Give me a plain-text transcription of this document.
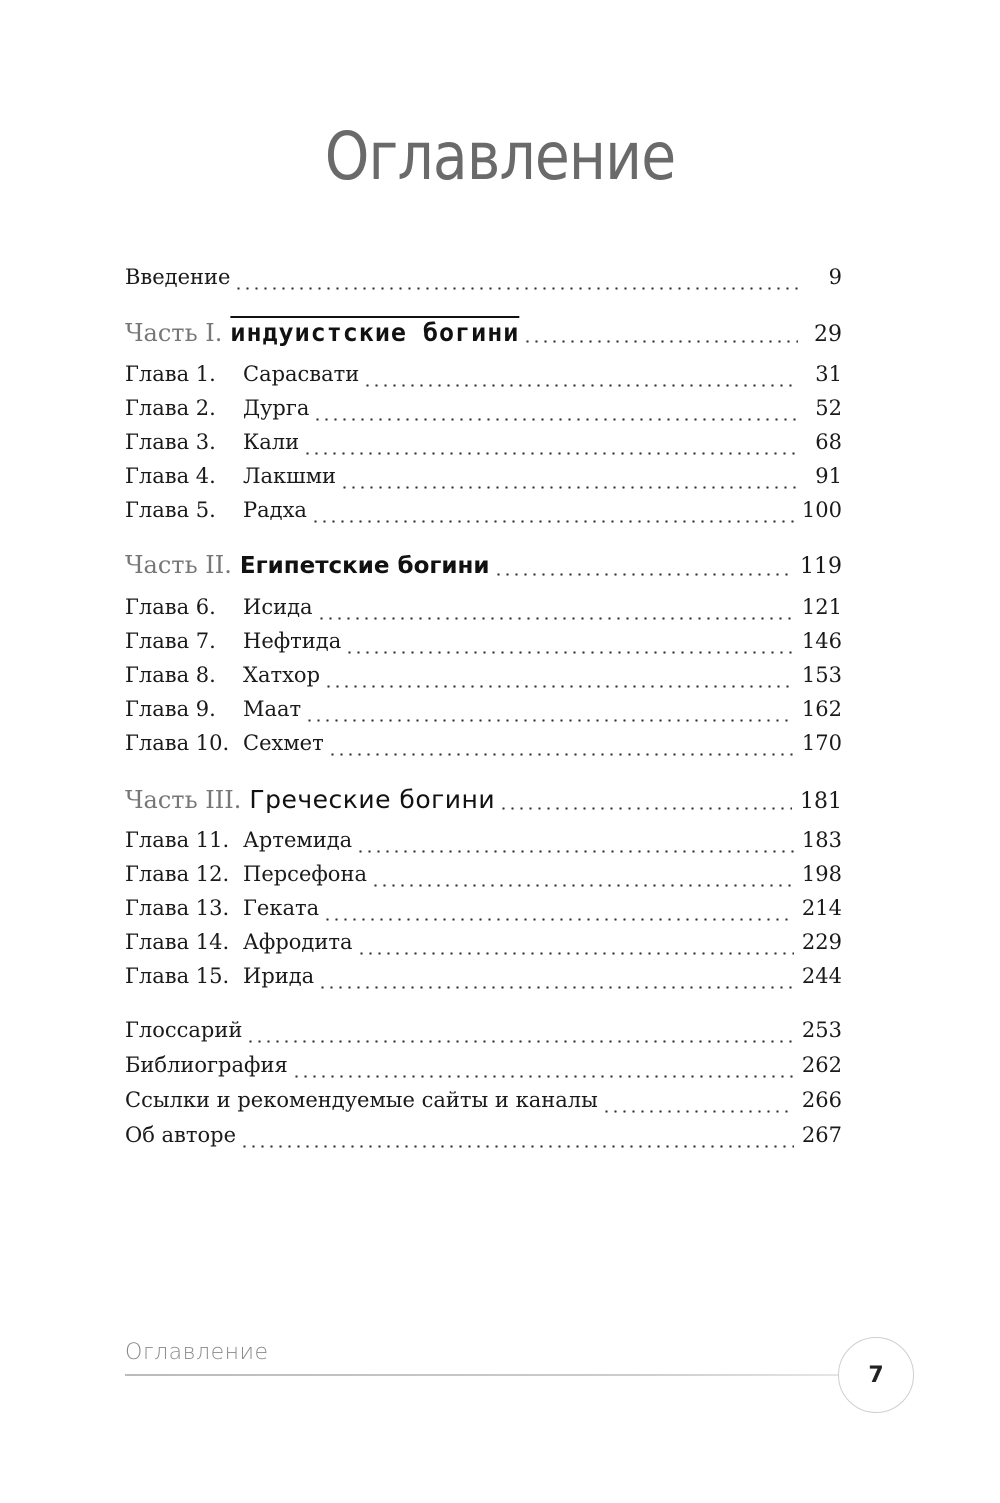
Оглавление
Введение	9
Часть I. индуистские богини	29
Глава 1.	Сарасвати	31
Глава 2.	Дурга	52
Глава 3.	Кали	68
Глава 4.	Лакшми	91
Глава 5.	Радха	100
Часть II. Египетские богини	119
Глава 6.	Исида	121
Глава 7.	Нефтида	146
Глава 8.	Хатхор	153
Глава 9.	Маат	162
Глава 10. Сехмет	170
Часть III. Греческие богини	181
Глава 11. Артемида	183
Глава 12. Персефона	198
Глава 13. Геката	214
Глава 14. Афродита	229
Глава 15. Ирида	244
Глоссарий	253
Библиография	262
Ссылки и рекомендуемые сайты и каналы	266
Об авторе	267
Оглавление
7
